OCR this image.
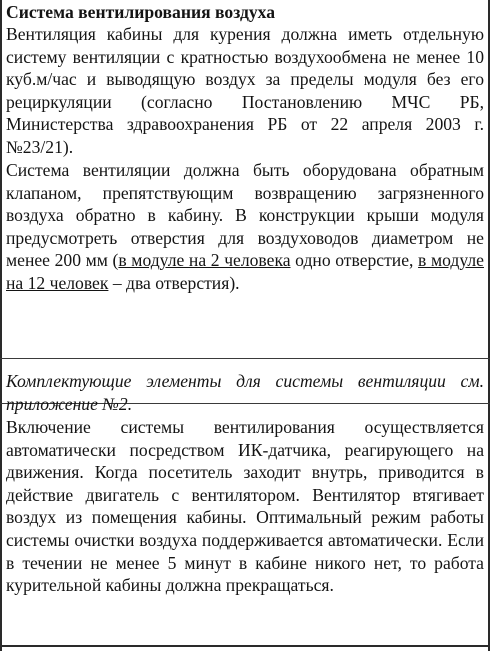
Система вентилирования воздуха

Вентиляция кабины для курения должна иметь отдельную систему вентиляции с кратностью воздухообмена не менее 10 куб.м/час и выводящую воздух за пределы модуля без его рециркуляции (согласно Постановлению МЧС РБ, Министерства здравоохранения РБ от 22 апреля 2003 г. №23/21).

Система вентиляции должна быть оборудована обратным клапаном, препятствующим возвращению загрязненного воздуха обратно в кабину. В конструкции крыши модуля предусмотреть отверстия для воздуховодов диаметром не менее 200 мм (в модуле на 2 человека одно отверстие, в модуле на 12 человек – два отверстия).

Комплектующие элементы для системы вентиляции см. приложение №2.

Включение системы вентилирования осуществляется автоматически посредством ИК-датчика, реагирующего на движения. Когда посетитель заходит внутрь, приводится в действие двигатель с вентилятором. Вентилятор втягивает воздух из помещения кабины. Оптимальный режим работы системы очистки воздуха поддерживается автоматически. Если в течении не менее 5 минут в кабине никого нет, то работа курительной кабины должна прекращаться.
